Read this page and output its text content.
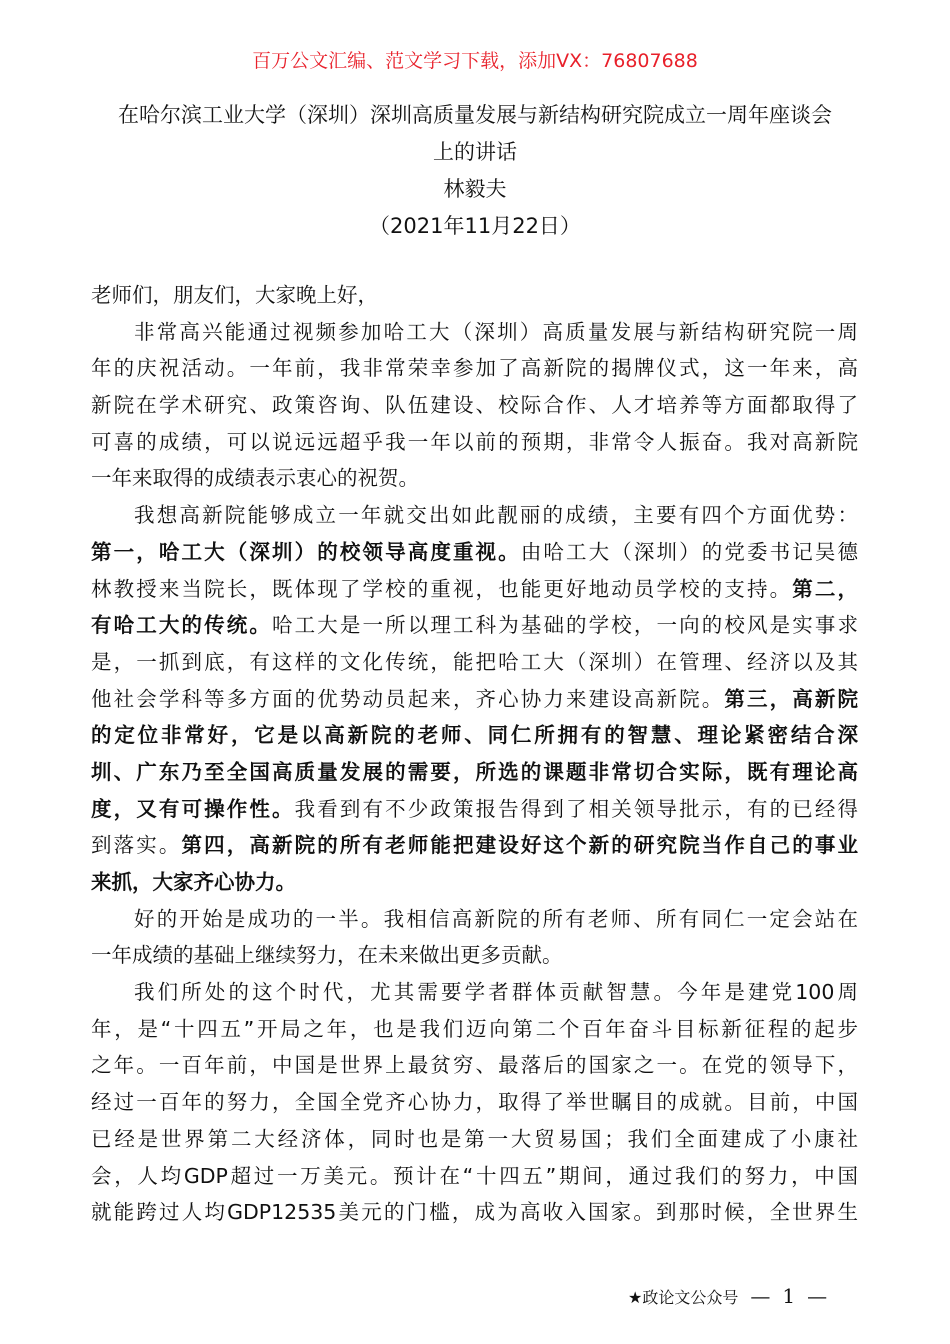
百万公文汇编、范文学习下载，添加VX：76807688
在哈尔滨工业大学（深圳）深圳高质量发展与新结构研究院成立一周年座谈会
上的讲话
林毅夫
（2021年11月22日）
老师们，朋友们，大家晚上好，
非常高兴能通过视频参加哈工大（深圳）高质量发展与新结构研究院一周
年的庆祝活动。一年前，我非常荣幸参加了高新院的揭牌仪式，这一年来，高
新院在学术研究、政策咨询、队伍建设、校际合作、人才培养等方面都取得了
可喜的成绩，可以说远远超乎我一年以前的预期，非常令人振奋。我对高新院
一年来取得的成绩表示衷心的祝贺。
我想高新院能够成立一年就交出如此靓丽的成绩，主要有四个方面优势：
第一，哈工大（深圳）的校领导高度重视。由哈工大（深圳）的党委书记吴德
林教授来当院长，既体现了学校的重视，也能更好地动员学校的支持。第二，
有哈工大的传统。哈工大是一所以理工科为基础的学校，一向的校风是实事求
是，一抓到底，有这样的文化传统，能把哈工大（深圳）在管理、经济以及其
他社会学科等多方面的优势动员起来，齐心协力来建设高新院。第三，高新院
的定位非常好，它是以高新院的老师、同仁所拥有的智慧、理论紧密结合深
圳、广东乃至全国高质量发展的需要，所选的课题非常切合实际，既有理论高
度，又有可操作性。我看到有不少政策报告得到了相关领导批示，有的已经得
到落实。第四，高新院的所有老师能把建设好这个新的研究院当作自己的事业
来抓，大家齐心协力。
好的开始是成功的一半。我相信高新院的所有老师、所有同仁一定会站在
一年成绩的基础上继续努力，在未来做出更多贡献。
我们所处的这个时代，尤其需要学者群体贡献智慧。今年是建党100周
年，是“十四五”开局之年，也是我们迈向第二个百年奋斗目标新征程的起步
之年。一百年前，中国是世界上最贫穷、最落后的国家之一。在党的领导下，
经过一百年的努力，全国全党齐心协力，取得了举世瞩目的成就。目前，中国
已经是世界第二大经济体，同时也是第一大贸易国；我们全面建成了小康社
会，人均GDP超过一万美元。预计在“十四五”期间，通过我们的努力，中国
就能跨过人均GDP12535美元的门槛，成为高收入国家。到那时候，全世界生
★政论文公众号 — 1 —
